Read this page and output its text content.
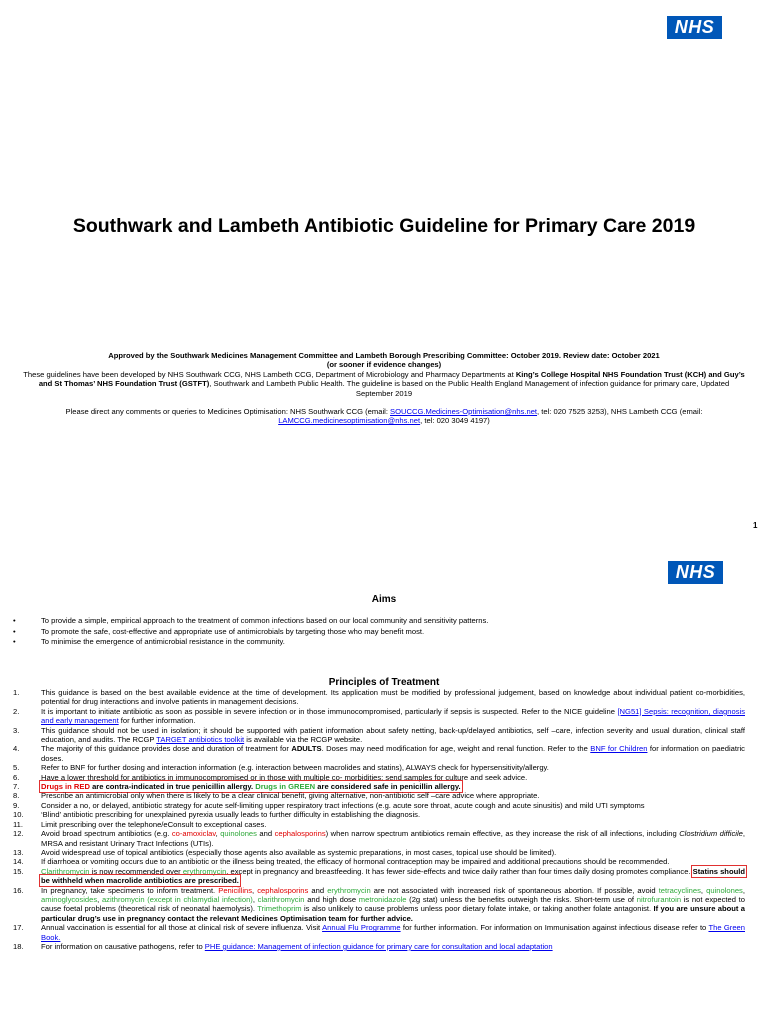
NHS
Southwark and Lambeth Antibiotic Guideline for Primary Care 2019

Approved by the Southwark Medicines Management Committee and Lambeth Borough Prescribing Committee: October 2019. Review date: October 2021

(or sooner if evidence changes)

These guidelines have been developed by NHS Southwark CCG, NHS Lambeth CCG, Department of Microbiology and Pharmacy Departments at King’s College Hospital NHS Foundation Trust (KCH) and Guy’s and St Thomas’ NHS Foundation Trust (GSTFT), Southwark and Lambeth Public Health. The guideline is based on the Public Health England Management of infection guidance for primary care, Updated September 2019

Please direct any comments or queries to Medicines Optimisation: NHS Southwark CCG (email: SOUCCG.Medicines-Optimisation@nhs.net, tel: 020 7525 3253), NHS Lambeth CCG (email: LAMCCG.medicinesoptimisation@nhs.net, tel: 020 3049 4197)

1
NHS
Aims
•	To provide a simple, empirical approach to the treatment of common infections based on our local community and sensitivity patterns.
•	To promote the safe, cost-effective and appropriate use of antimicrobials by targeting those who may benefit most.
•	To minimise the emergence of antimicrobial resistance in the community.
Principles of Treatment
1.	This guidance is based on the best available evidence at the time of development. Its application must be modified by professional judgement, based on knowledge about individual patient co-morbidities, potential for drug interactions and involve patients in management decisions.
2.	It is important to initiate antibiotic as soon as possible in severe infection or in those immunocompromised, particularly if sepsis is suspected. Refer to the NICE guideline [NG51] Sepsis: recognition, diagnosis and early management for further information.
3.	This guidance should not be used in isolation; it should be supported with patient information about safety netting, back-up/delayed antibiotics, self –care, infection severity and usual duration, clinical staff education, and audits. The RCGP TARGET antibiotics toolkit is available via the RCGP website.
4.	The majority of this guidance provides dose and duration of treatment for ADULTS. Doses may need modification for age, weight and renal function. Refer to the BNF for Children for information on paediatric doses.
5.	Refer to BNF for further dosing and interaction information (e.g. interaction between macrolides and statins), ALWAYS check for hypersensitivity/allergy.
6.	Have a lower threshold for antibiotics in immunocompromised or in those with multiple co- morbidities; send samples for culture and seek advice.
7.	Drugs in RED are contra-indicated in true penicillin allergy. Drugs in GREEN are considered safe in penicillin allergy.
8.	Prescribe an antimicrobial only when there is likely to be a clear clinical benefit, giving alternative, non-antibiotic self –care advice where appropriate.
9.	Consider a no, or delayed, antibiotic strategy for acute self-limiting upper respiratory tract infections (e.g. acute sore throat, acute cough and acute sinusitis) and mild UTI symptoms
10. ‘Blind’ antibiotic prescribing for unexplained pyrexia usually leads to further difficulty in establishing the diagnosis.
11. Limit prescribing over the telephone/eConsult to exceptional cases.
12. Avoid broad spectrum antibiotics (e.g. co-amoxiclav, quinolones and cephalosporins) when narrow spectrum antibiotics remain effective, as they increase the risk of all infections, including Clostridium difficile, MRSA and resistant Urinary Tract Infections (UTIs).
13. Avoid widespread use of topical antibiotics (especially those agents also available as systemic preparations, in most cases, topical use should be limited).
14. If diarrhoea or vomiting occurs due to an antibiotic or the illness being treated, the efficacy of hormonal contraception may be impaired and additional precautions should be recommended.
15. Clarithromycin is now recommended over erythromycin, except in pregnancy and breastfeeding. It has fewer side-effects and twice daily rather than four times daily dosing promotes compliance. Statins should be withheld when macrolide antibiotics are prescribed.
16. In pregnancy, take specimens to inform treatment. Penicillins, cephalosporins and erythromycin are not associated with increased risk of spontaneous abortion. If possible, avoid tetracyclines, quinolones, aminoglycosides, azithromycin (except in chlamydial infection), clarithromycin and high dose metronidazole (2g stat) unless the benefits outweigh the risks. Short-term use of nitrofurantoin is not expected to cause foetal problems (theoretical risk of neonatal haemolysis). Trimethoprim is also unlikely to cause problems unless poor dietary folate intake, or taking another folate antagonist. If you are unsure about a particular drug’s use in pregnancy contact the relevant Medicines Optimisation team for further advice.
17. Annual vaccination is essential for all those at clinical risk of severe influenza. Visit Annual Flu Programme for further information. For information on Immunisation against infectious disease refer to The Green Book.
18. For information on causative pathogens, refer to PHE guidance: Management of infection guidance for primary care for consultation and local adaptation
